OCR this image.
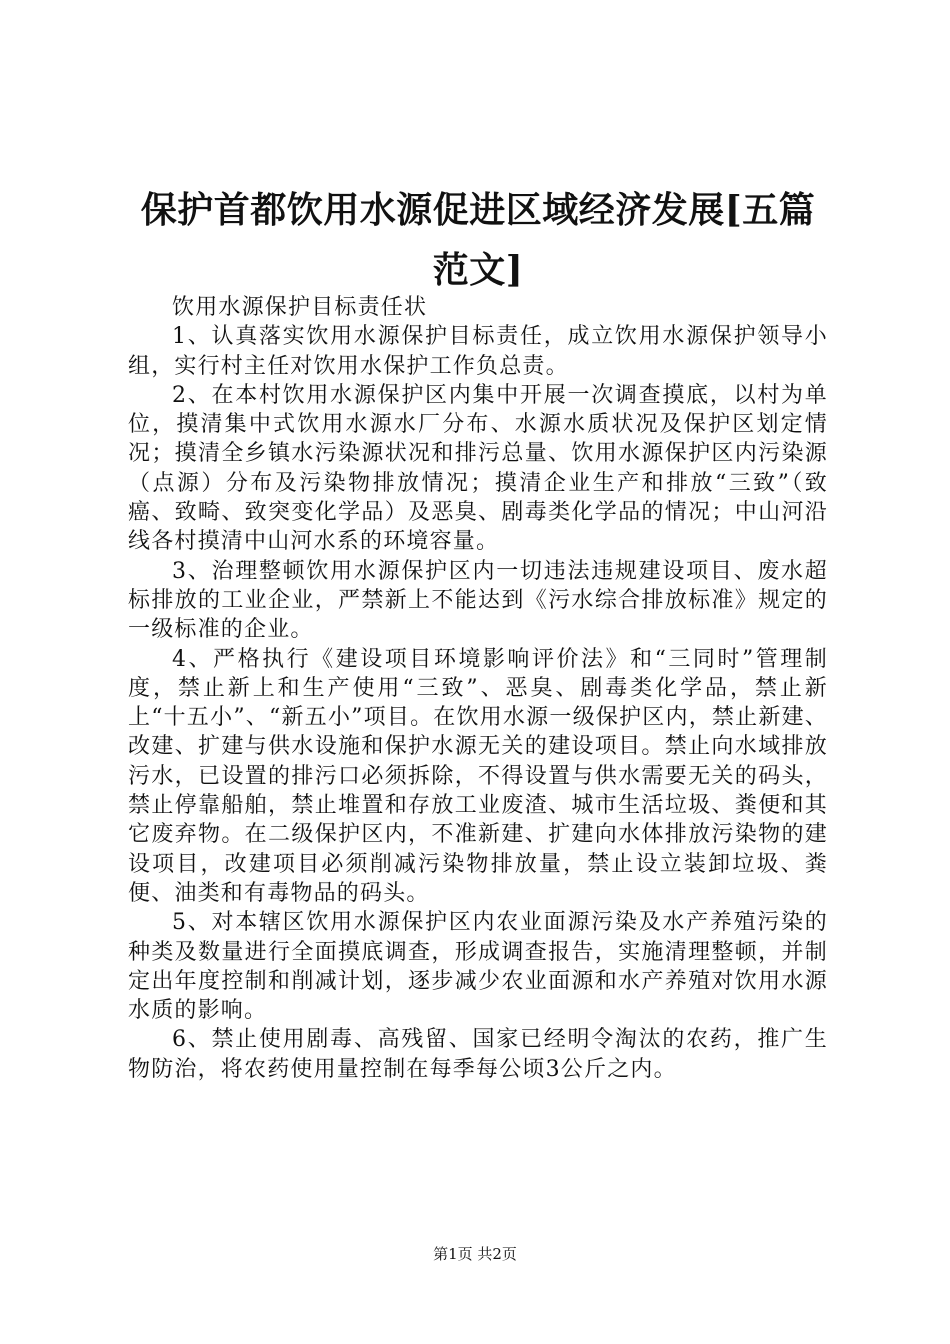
保护首都饮用水源促进区域经济发展[五篇范文]

饮用水源保护目标责任状

1、认真落实饮用水源保护目标责任，成立饮用水源保护领导小组，实行村主任对饮用水保护工作负总责。

2、在本村饮用水源保护区内集中开展一次调查摸底，以村为单位，摸清集中式饮用水源水厂分布、水源水质状况及保护区划定情况；摸清全乡镇水污染源状况和排污总量、饮用水源保护区内污染源（点源）分布及污染物排放情况；摸清企业生产和排放“三致”（致癌、致畸、致突变化学品）及恶臭、剧毒类化学品的情况；中山河沿线各村摸清中山河水系的环境容量。

3、治理整顿饮用水源保护区内一切违法违规建设项目、废水超标排放的工业企业，严禁新上不能达到《污水综合排放标准》规定的一级标准的企业。

4、严格执行《建设项目环境影响评价法》和“三同时”管理制度，禁止新上和生产使用“三致”、恶臭、剧毒类化学品，禁止新上“十五小”、“新五小”项目。在饮用水源一级保护区内，禁止新建、改建、扩建与供水设施和保护水源无关的建设项目。禁止向水域排放污水，已设置的排污口必须拆除，不得设置与供水需要无关的码头，禁止停靠船舶，禁止堆置和存放工业废渣、城市生活垃圾、粪便和其它废弃物。在二级保护区内，不准新建、扩建向水体排放污染物的建设项目，改建项目必须削减污染物排放量，禁止设立装卸垃圾、粪便、油类和有毒物品的码头。

5、对本辖区饮用水源保护区内农业面源污染及水产养殖污染的种类及数量进行全面摸底调查，形成调查报告，实施清理整顿，并制定出年度控制和削减计划，逐步减少农业面源和水产养殖对饮用水源水质的影响。

6、禁止使用剧毒、高残留、国家已经明令淘汰的农药，推广生物防治，将农药使用量控制在每季每公顷3公斤之内。

第1页 共2页
